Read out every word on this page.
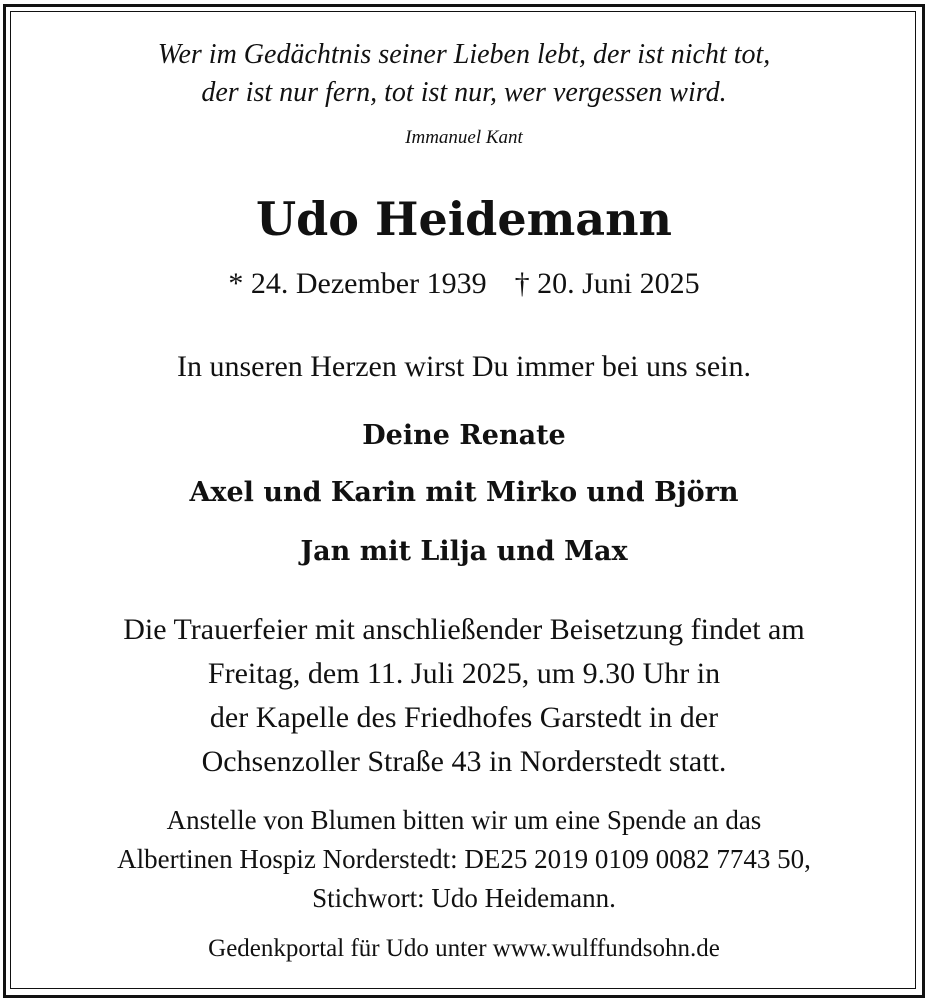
Wer im Gedächtnis seiner Lieben lebt, der ist nicht tot,

der ist nur fern, tot ist nur, wer vergessen wird.

Immanuel Kant

Udo Heidemann

* 24. Dezember 1939 † 20. Juni 2025

In unseren Herzen wirst Du immer bei uns sein.

Deine Renate

Axel und Karin mit Mirko und Björn

Jan mit Lilja und Max

Die Trauerfeier mit anschließender Beisetzung findet am

Freitag, dem 11. Juli 2025, um 9.30 Uhr in

der Kapelle des Friedhofes Garstedt in der

Ochsenzoller Straße 43 in Norderstedt statt.

Anstelle von Blumen bitten wir um eine Spende an das

Albertinen Hospiz Norderstedt: DE25 2019 0109 0082 7743 50,

Stichwort: Udo Heidemann.

Gedenkportal für Udo unter www.wulffundsohn.de
